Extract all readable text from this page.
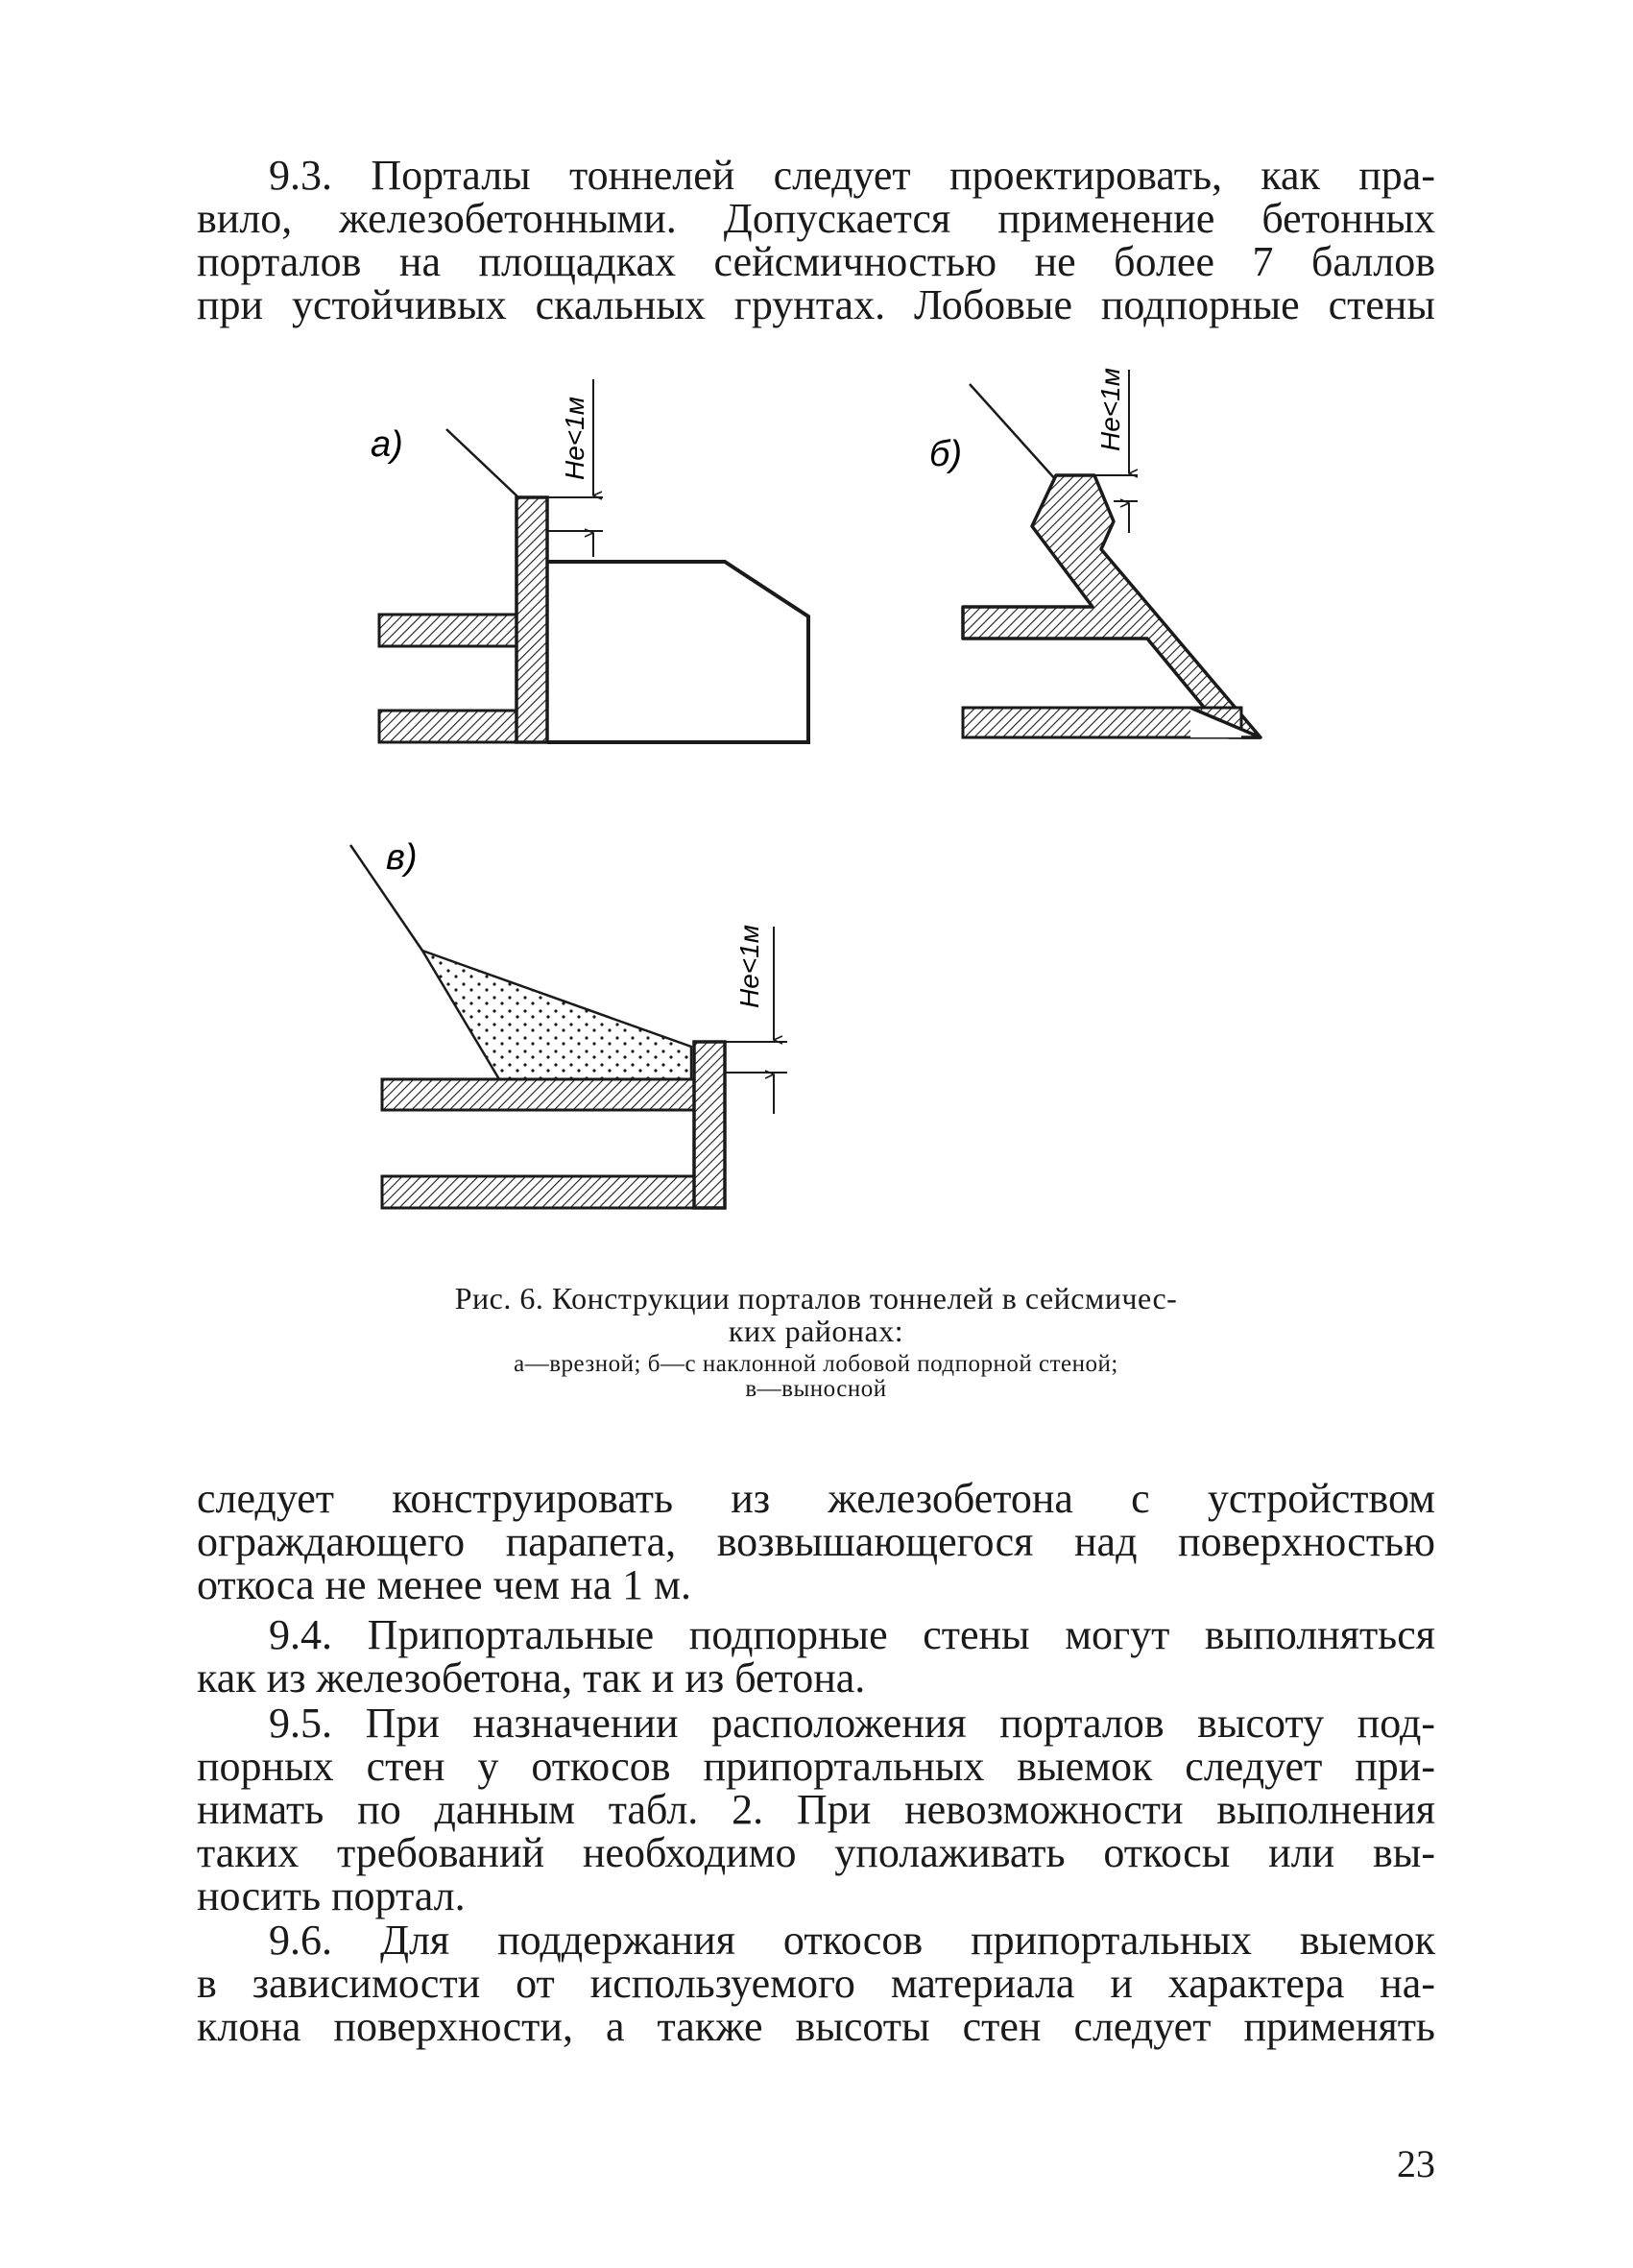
9.3. Порталы тоннелей следует проектировать, как пра-
вило, железобетонными. Допускается применение бетонных
порталов на площадках сейсмичностью не более 7 баллов
при устойчивых скальных грунтах. Лобовые подпорные стены
Не<1м
а)	Не<1м
б)
Не<1м
в)
Рис. 6. Конструкции порталов тоннелей в сейсмичес-
ких районах:
а—врезной; б—с наклонной лобовой подпорной стеной;
в—выносной
следует конструировать из железобетона с устройством
ограждающего парапета, возвышающегося над поверхностью
откоса не менее чем на 1 м.
9.4. Припортальные подпорные стены могут выполняться
как из железобетона, так и из бетона.
9.5. При назначении расположения порталов высоту под-
порных стен у откосов припортальных выемок следует при-
нимать по данным табл. 2. При невозможности выполнения
таких требований необходимо уполаживать откосы или вы-
носить портал.
9.6. Для поддержания откосов припортальных выемок
в зависимости от используемого материала и характера на-
клона поверхности, а также высоты стен следует применять
23
